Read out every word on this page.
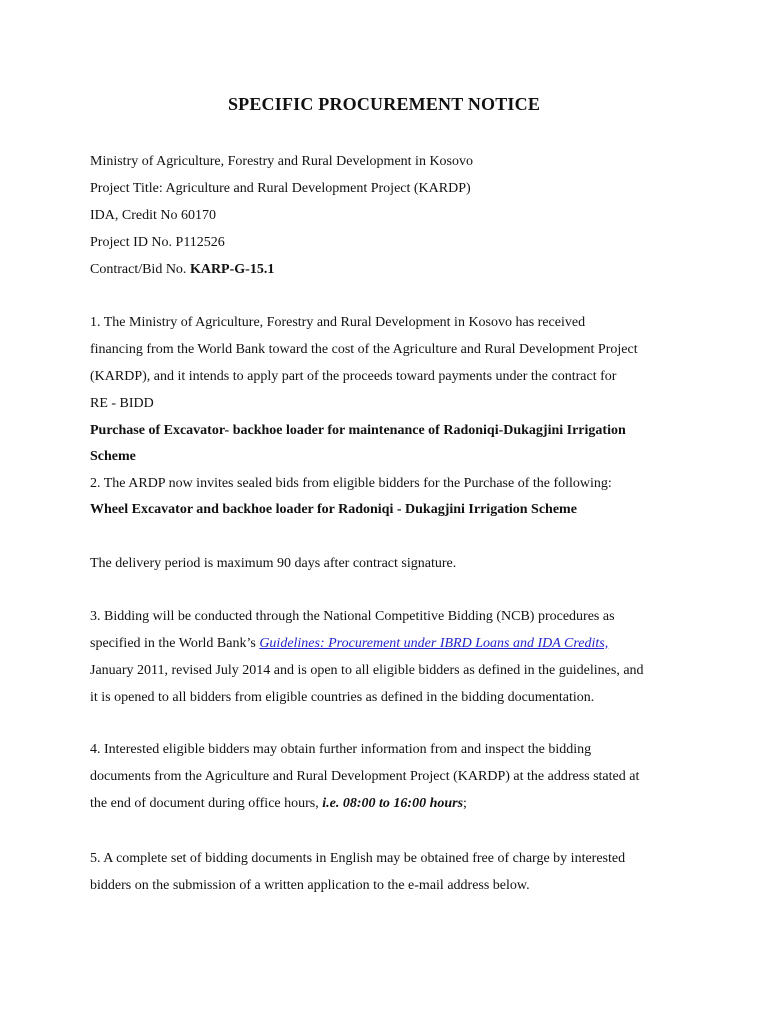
SPECIFIC PROCUREMENT NOTICE
Ministry of Agriculture, Forestry and Rural Development in Kosovo
Project Title: Agriculture and Rural Development Project (KARDP)
IDA, Credit No 60170
Project ID No. P112526
Contract/Bid No. KARP-G-15.1
1. The Ministry of Agriculture, Forestry and Rural Development in Kosovo has received
financing from the World Bank toward the cost of the Agriculture and Rural Development Project
(KARDP), and it intends to apply part of the proceeds toward payments under the contract for
RE - BIDD
Purchase of Excavator- backhoe loader for maintenance of Radoniqi-Dukagjini Irrigation
Scheme
2. The ARDP now invites sealed bids from eligible bidders for the Purchase of the following:
Wheel Excavator and backhoe loader for Radoniqi - Dukagjini Irrigation Scheme
The delivery period is maximum 90 days after contract signature.
3. Bidding will be conducted through the National Competitive Bidding (NCB) procedures as
specified in the World Bank’s Guidelines: Procurement under IBRD Loans and IDA Credits,
January 2011, revised July 2014 and is open to all eligible bidders as defined in the guidelines, and
it is opened to all bidders from eligible countries as defined in the bidding documentation.
4. Interested eligible bidders may obtain further information from and inspect the bidding
documents from the Agriculture and Rural Development Project (KARDP) at the address stated at
the end of document during office hours, i.e. 08:00 to 16:00 hours;
5. A complete set of bidding documents in English may be obtained free of charge by interested
bidders on the submission of a written application to the e-mail address below.
